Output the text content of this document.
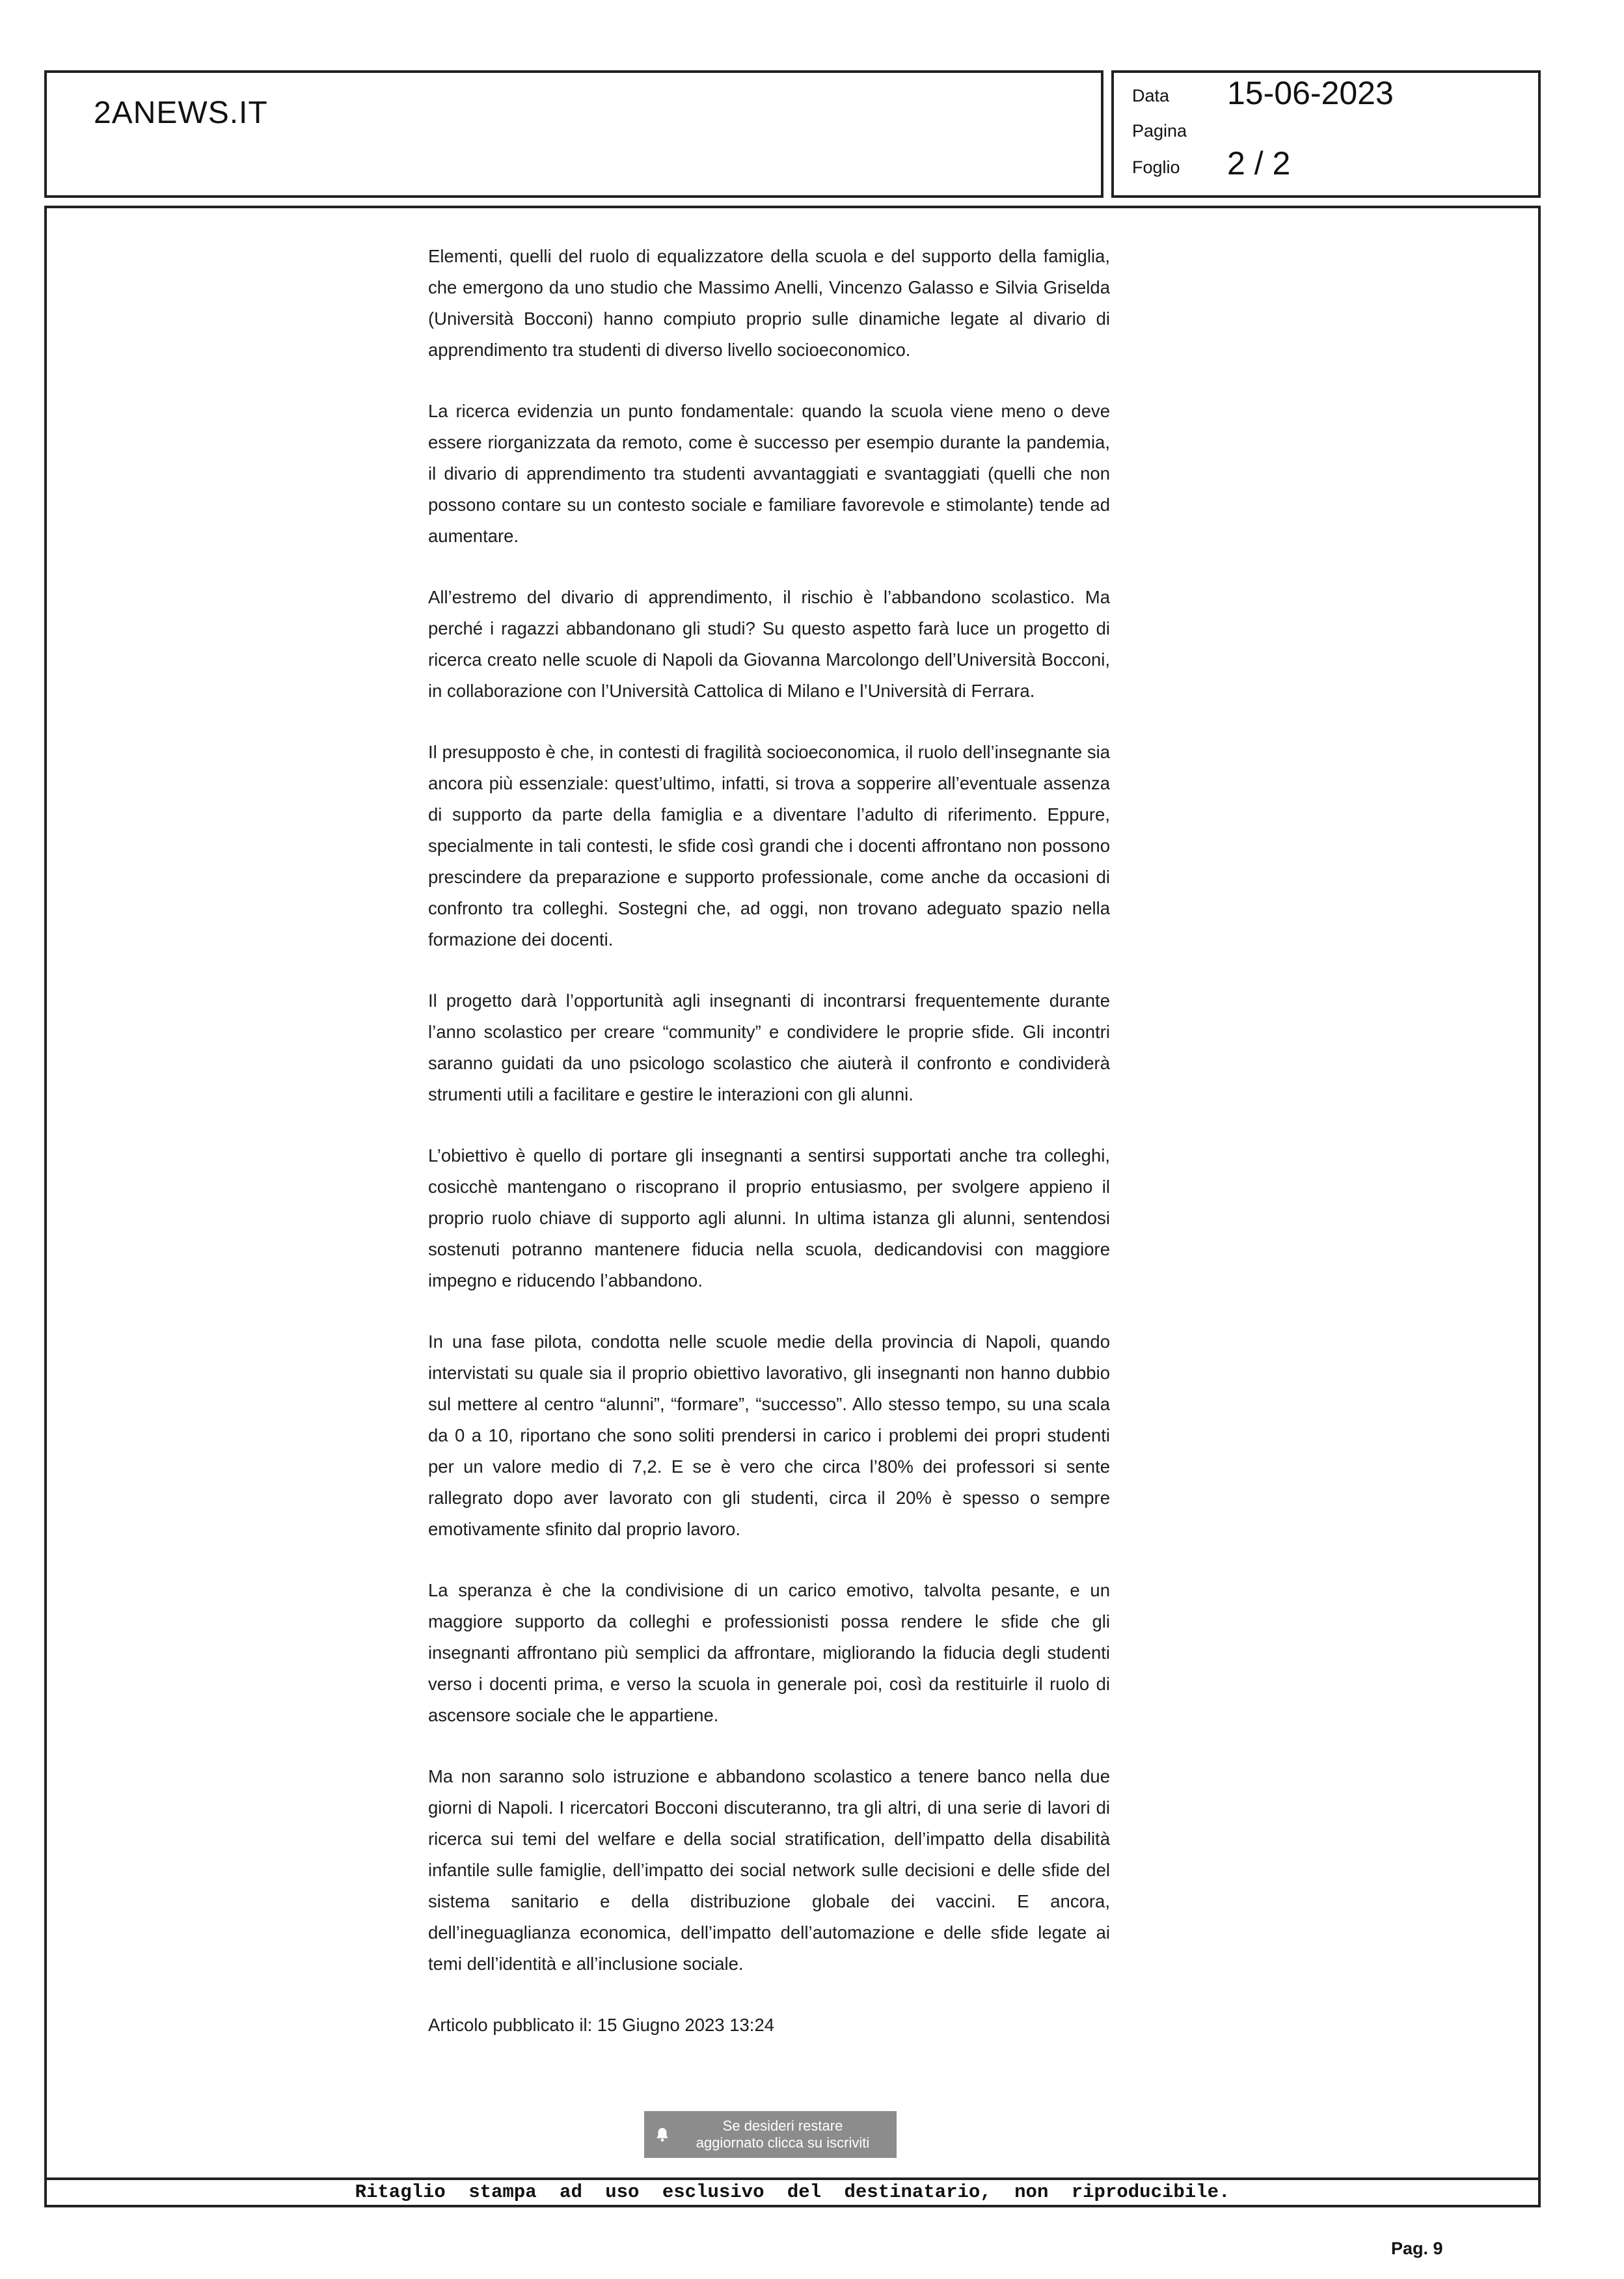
2ANEWS.IT	Data 15-06-2023
Pagina
Foglio 2 / 2

Elementi, quelli del ruolo di equalizzatore della scuola e del supporto della famiglia, che emergono da uno studio che Massimo Anelli, Vincenzo Galasso e Silvia Griselda (Università Bocconi) hanno compiuto proprio sulle dinamiche legate al divario di apprendimento tra studenti di diverso livello socioeconomico.

La ricerca evidenzia un punto fondamentale: quando la scuola viene meno o deve essere riorganizzata da remoto, come è successo per esempio durante la pandemia, il divario di apprendimento tra studenti avvantaggiati e svantaggiati (quelli che non possono contare su un contesto sociale e familiare favorevole e stimolante) tende ad aumentare.

All’estremo del divario di apprendimento, il rischio è l’abbandono scolastico. Ma perché i ragazzi abbandonano gli studi? Su questo aspetto farà luce un progetto di ricerca creato nelle scuole di Napoli da Giovanna Marcolongo dell’Università Bocconi, in collaborazione con l’Università Cattolica di Milano e l’Università di Ferrara.

Il presupposto è che, in contesti di fragilità socioeconomica, il ruolo dell’insegnante sia ancora più essenziale: quest’ultimo, infatti, si trova a sopperire all’eventuale assenza di supporto da parte della famiglia e a diventare l’adulto di riferimento. Eppure, specialmente in tali contesti, le sfide così grandi che i docenti affrontano non possono prescindere da preparazione e supporto professionale, come anche da occasioni di confronto tra colleghi. Sostegni che, ad oggi, non trovano adeguato spazio nella formazione dei docenti.

Il progetto darà l’opportunità agli insegnanti di incontrarsi frequentemente durante l’anno scolastico per creare “community” e condividere le proprie sfide. Gli incontri saranno guidati da uno psicologo scolastico che aiuterà il confronto e condividerà strumenti utili a facilitare e gestire le interazioni con gli alunni.

L’obiettivo è quello di portare gli insegnanti a sentirsi supportati anche tra colleghi, cosicchè mantengano o riscoprano il proprio entusiasmo, per svolgere appieno il proprio ruolo chiave di supporto agli alunni. In ultima istanza gli alunni, sentendosi sostenuti potranno mantenere fiducia nella scuola, dedicandovisi con maggiore impegno e riducendo l’abbandono.

In una fase pilota, condotta nelle scuole medie della provincia di Napoli, quando intervistati su quale sia il proprio obiettivo lavorativo, gli insegnanti non hanno dubbio sul mettere al centro “alunni”, “formare”, “successo”. Allo stesso tempo, su una scala da 0 a 10, riportano che sono soliti prendersi in carico i problemi dei propri studenti per un valore medio di 7,2. E se è vero che circa l’80% dei professori si sente rallegrato dopo aver lavorato con gli studenti, circa il 20% è spesso o sempre emotivamente sfinito dal proprio lavoro.

La speranza è che la condivisione di un carico emotivo, talvolta pesante, e un maggiore supporto da colleghi e professionisti possa rendere le sfide che gli insegnanti affrontano più semplici da affrontare, migliorando la fiducia degli studenti verso i docenti prima, e verso la scuola in generale poi, così da restituirle il ruolo di ascensore sociale che le appartiene.

Ma non saranno solo istruzione e abbandono scolastico a tenere banco nella due giorni di Napoli. I ricercatori Bocconi discuteranno, tra gli altri, di una serie di lavori di ricerca sui temi del welfare e della social stratification, dell’impatto della disabilità infantile sulle famiglie, dell’impatto dei social network sulle decisioni e delle sfide del sistema sanitario e della distribuzione globale dei vaccini. E ancora, dell’ineguaglianza economica, dell’impatto dell’automazione e delle sfide legate ai temi dell’identità e all’inclusione sociale.

Articolo pubblicato il: 15 Giugno 2023 13:24

Se desideri restare
aggiornato clicca su iscriviti
Ritaglio stampa ad uso esclusivo del destinatario, non riproducibile.
Pag. 9
